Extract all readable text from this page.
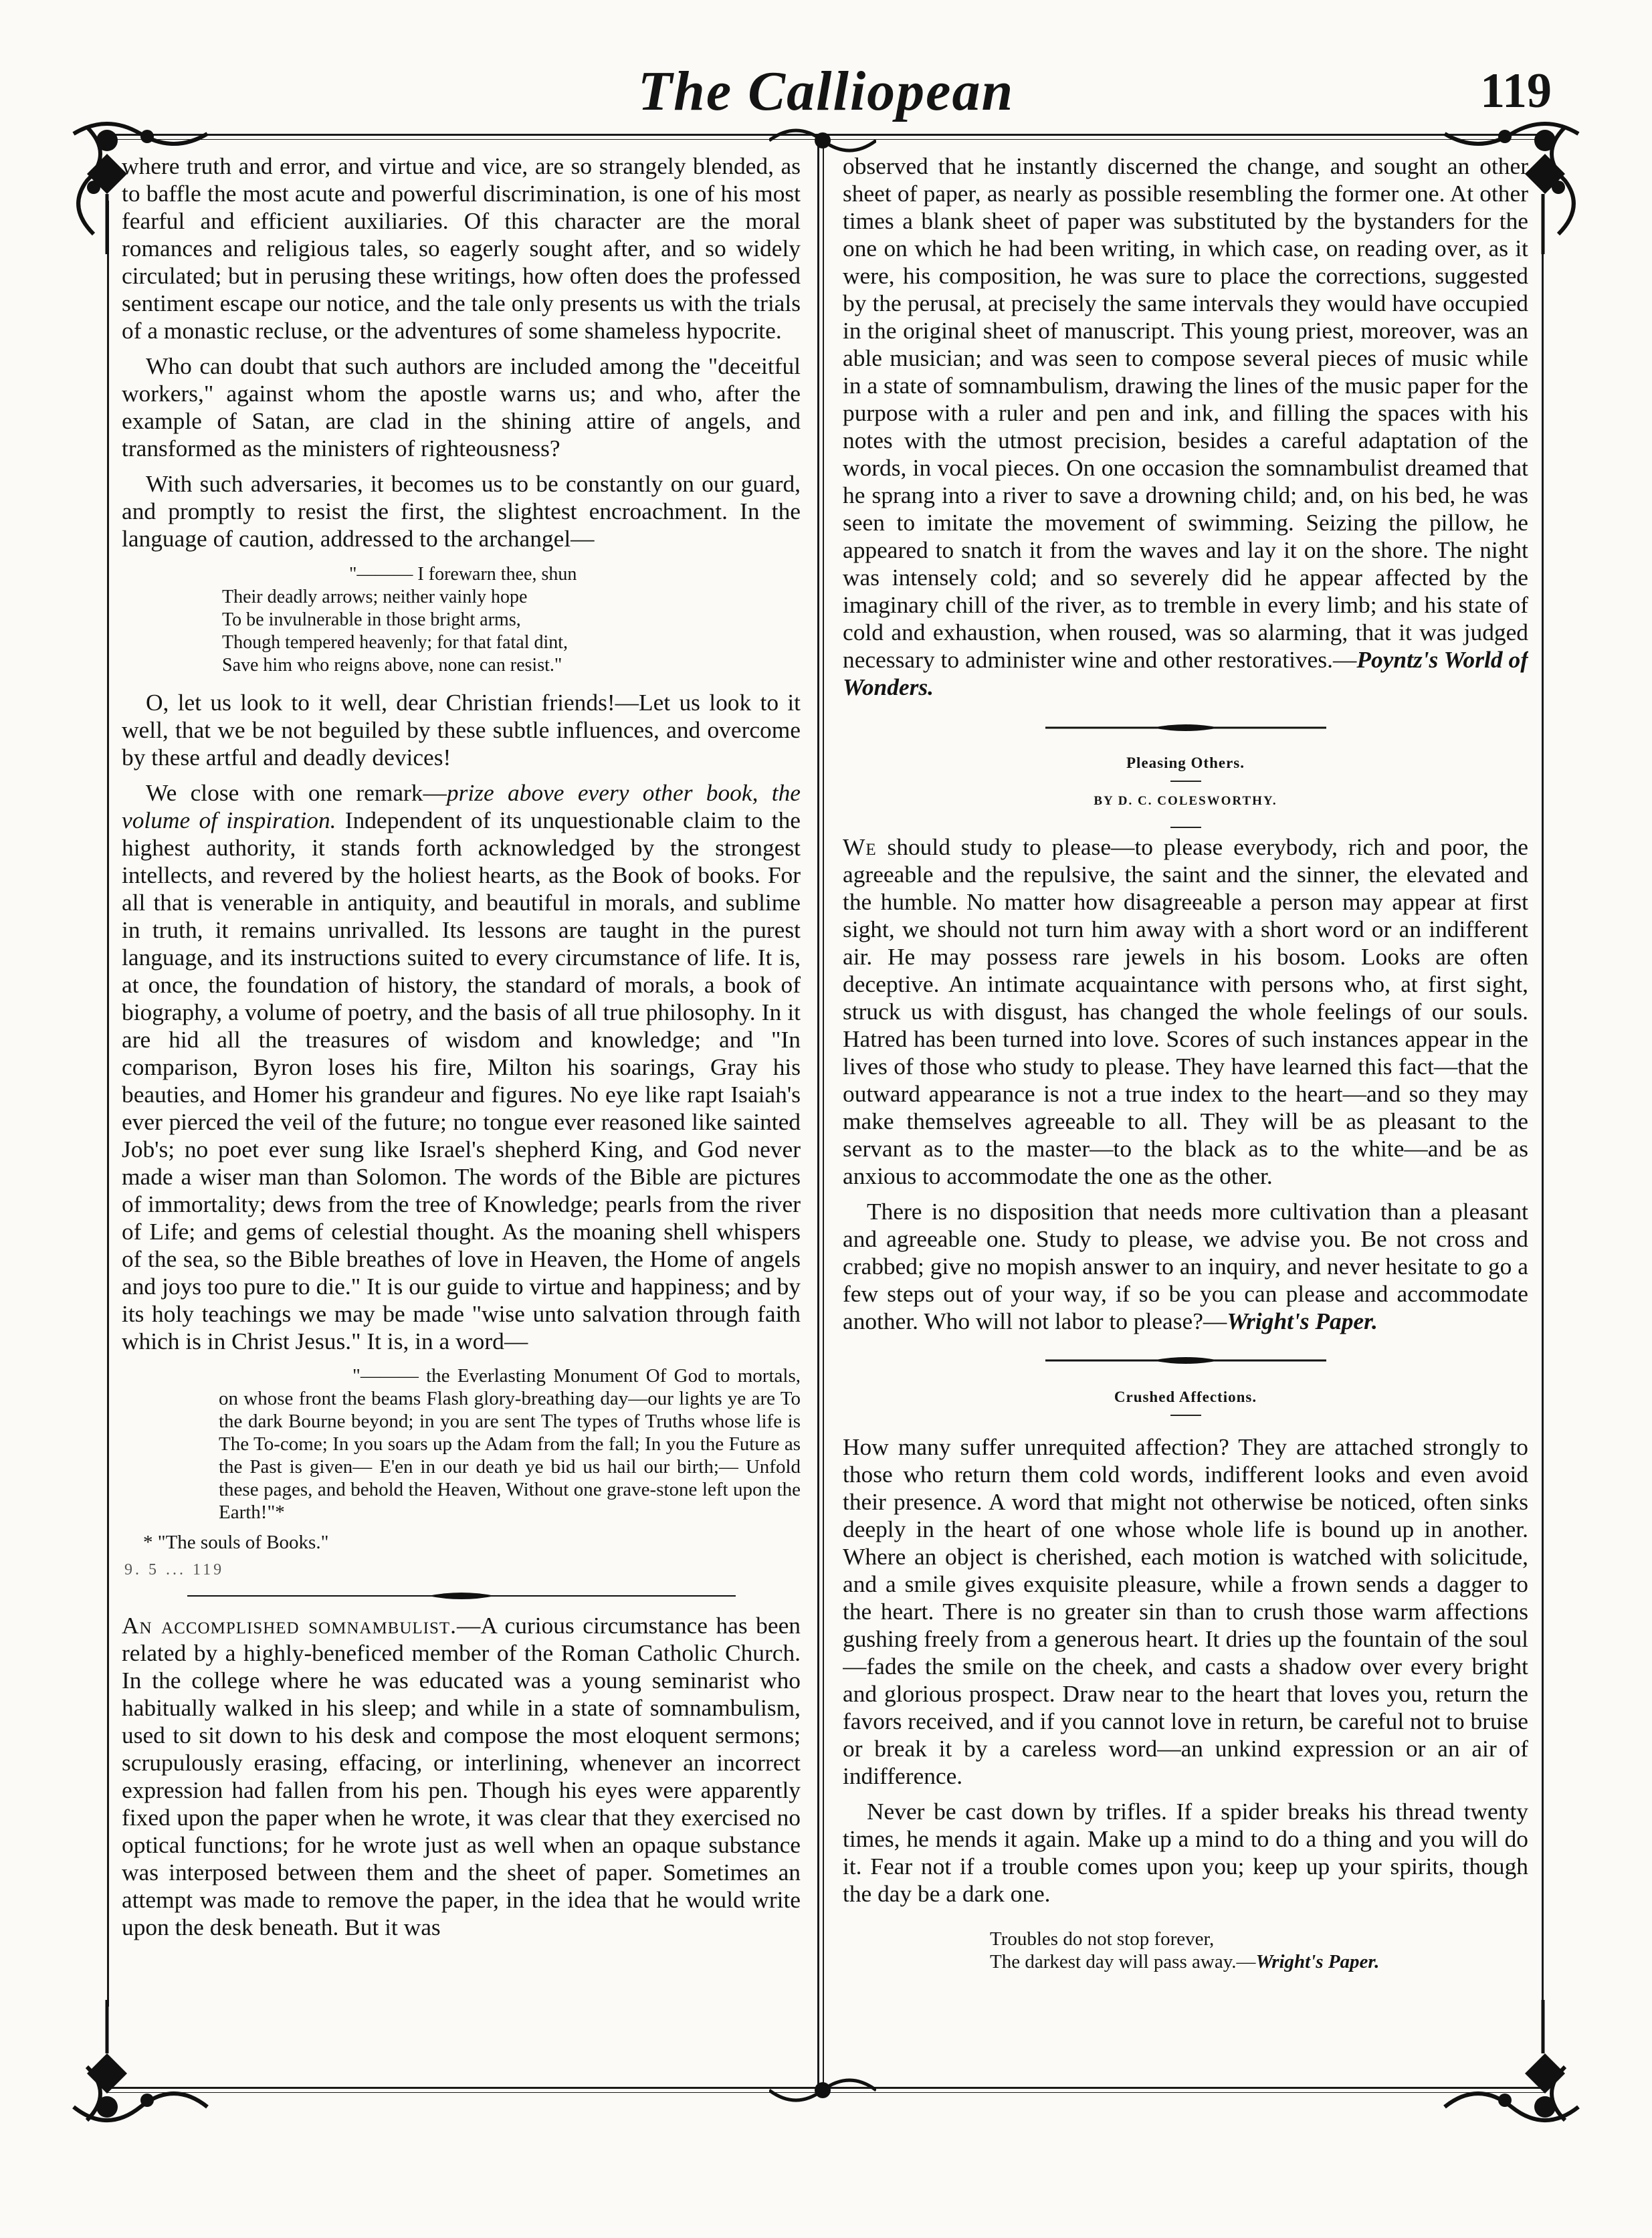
The Calliopean	119

where truth and error, and virtue and vice, are so strangely blended, as to baffle the most acute and powerful discrimination, is one of his most fearful and efficient auxiliaries. Of this character are the moral romances and religious tales, so eagerly sought after, and so widely circulated; but in perusing these writings, how often does the professed sentiment escape our notice, and the tale only presents us with the trials of a monastic recluse, or the adventures of some shameless hypocrite.

Who can doubt that such authors are included among the "deceitful workers," against whom the apostle warns us; and who, after the example of Satan, are clad in the shining attire of angels, and transformed as the ministers of righteousness?

With such adversaries, it becomes us to be constantly on our guard, and promptly to resist the first, the slightest encroachment. In the language of caution, addressed to the archangel—

"——— I forewarn thee, shun
Their deadly arrows; neither vainly hope
To be invulnerable in those bright arms,
Though tempered heavenly; for that fatal dint,
Save him who reigns above, none can resist."

O, let us look to it well, dear Christian friends!—Let us look to it well, that we be not beguiled by these subtle influences, and overcome by these artful and deadly devices!

We close with one remark—prize above every other book, the volume of inspiration. Independent of its unquestionable claim to the highest authority, it stands forth acknowledged by the strongest intellects, and revered by the holiest hearts, as the Book of books. For all that is venerable in antiquity, and beautiful in morals, and sublime in truth, it remains unrivalled. Its lessons are taught in the purest language, and its instructions suited to every circumstance of life. It is, at once, the foundation of history, the standard of morals, a book of biography, a volume of poetry, and the basis of all true philosophy. In it are hid all the treasures of wisdom and knowledge; and "In comparison, Byron loses his fire, Milton his soarings, Gray his beauties, and Homer his grandeur and figures. No eye like rapt Isaiah's ever pierced the veil of the future; no tongue ever reasoned like sainted Job's; no poet ever sung like Israel's shepherd King, and God never made a wiser man than Solomon. The words of the Bible are pictures of immortality; dews from the tree of Knowledge; pearls from the river of Life; and gems of celestial thought. As the moaning shell whispers of the sea, so the Bible breathes of love in Heaven, the Home of angels and joys too pure to die." It is our guide to virtue and happiness; and by its holy teachings we may be made "wise unto salvation through faith which is in Christ Jesus." It is, in a word—

"——— the Everlasting Monument Of God to mortals, on whose front the beams Flash glory-breathing day—our lights ye are To the dark Bourne beyond; in you are sent The types of Truths whose life is The To-come; In you soars up the Adam from the fall; In you the Future as the Past is given— E'en in our death ye bid us hail our birth;— Unfold these pages, and behold the Heaven, Without one grave-stone left upon the Earth!"*
* "The souls of Books."
9. 5 ... 119

An accomplished somnambulist.—A curious circumstance has been related by a highly-beneficed member of the Roman Catholic Church. In the college where he was educated was a young seminarist who habitually walked in his sleep; and while in a state of somnambulism, used to sit down to his desk and compose the most eloquent sermons; scrupulously erasing, effacing, or interlining, whenever an incorrect expression had fallen from his pen. Though his eyes were apparently fixed upon the paper when he wrote, it was clear that they exercised no optical functions; for he wrote just as well when an opaque substance was interposed between them and the sheet of paper. Sometimes an attempt was made to remove the paper, in the idea that he would write upon the desk beneath. But it was

observed that he instantly discerned the change, and sought an other sheet of paper, as nearly as possible resembling the former one. At other times a blank sheet of paper was substituted by the bystanders for the one on which he had been writing, in which case, on reading over, as it were, his composition, he was sure to place the corrections, suggested by the perusal, at precisely the same intervals they would have occupied in the original sheet of manuscript. This young priest, moreover, was an able musician; and was seen to compose several pieces of music while in a state of somnambulism, drawing the lines of the music paper for the purpose with a ruler and pen and ink, and filling the spaces with his notes with the utmost precision, besides a careful adaptation of the words, in vocal pieces. On one occasion the somnambulist dreamed that he sprang into a river to save a drowning child; and, on his bed, he was seen to imitate the movement of swimming. Seizing the pillow, he appeared to snatch it from the waves and lay it on the shore. The night was intensely cold; and so severely did he appear affected by the imaginary chill of the river, as to tremble in every limb; and his state of cold and exhaustion, when roused, was so alarming, that it was judged necessary to administer wine and other restoratives.—Poyntz's World of Wonders.

Pleasing Others.
BY D. C. COLESWORTHY.

We should study to please—to please everybody, rich and poor, the agreeable and the repulsive, the saint and the sinner, the elevated and the humble. No matter how disagreeable a person may appear at first sight, we should not turn him away with a short word or an indifferent air. He may possess rare jewels in his bosom. Looks are often deceptive. An intimate acquaintance with persons who, at first sight, struck us with disgust, has changed the whole feelings of our souls. Hatred has been turned into love. Scores of such instances appear in the lives of those who study to please. They have learned this fact—that the outward appearance is not a true index to the heart—and so they may make themselves agreeable to all. They will be as pleasant to the servant as to the master—to the black as to the white—and be as anxious to accommodate the one as the other.

There is no disposition that needs more cultivation than a pleasant and agreeable one. Study to please, we advise you. Be not cross and crabbed; give no mopish answer to an inquiry, and never hesitate to go a few steps out of your way, if so be you can please and accommodate another. Who will not labor to please?—Wright's Paper.

Crushed Affections.

How many suffer unrequited affection? They are attached strongly to those who return them cold words, indifferent looks and even avoid their presence. A word that might not otherwise be noticed, often sinks deeply in the heart of one whose whole life is bound up in another. Where an object is cherished, each motion is watched with solicitude, and a smile gives exquisite pleasure, while a frown sends a dagger to the heart. There is no greater sin than to crush those warm affections gushing freely from a generous heart. It dries up the fountain of the soul—fades the smile on the cheek, and casts a shadow over every bright and glorious prospect. Draw near to the heart that loves you, return the favors received, and if you cannot love in return, be careful not to bruise or break it by a careless word—an unkind expression or an air of indifference.

Never be cast down by trifles. If a spider breaks his thread twenty times, he mends it again. Make up a mind to do a thing and you will do it. Fear not if a trouble comes upon you; keep up your spirits, though the day be a dark one.

Troubles do not stop forever,
The darkest day will pass away.—Wright's Paper.
